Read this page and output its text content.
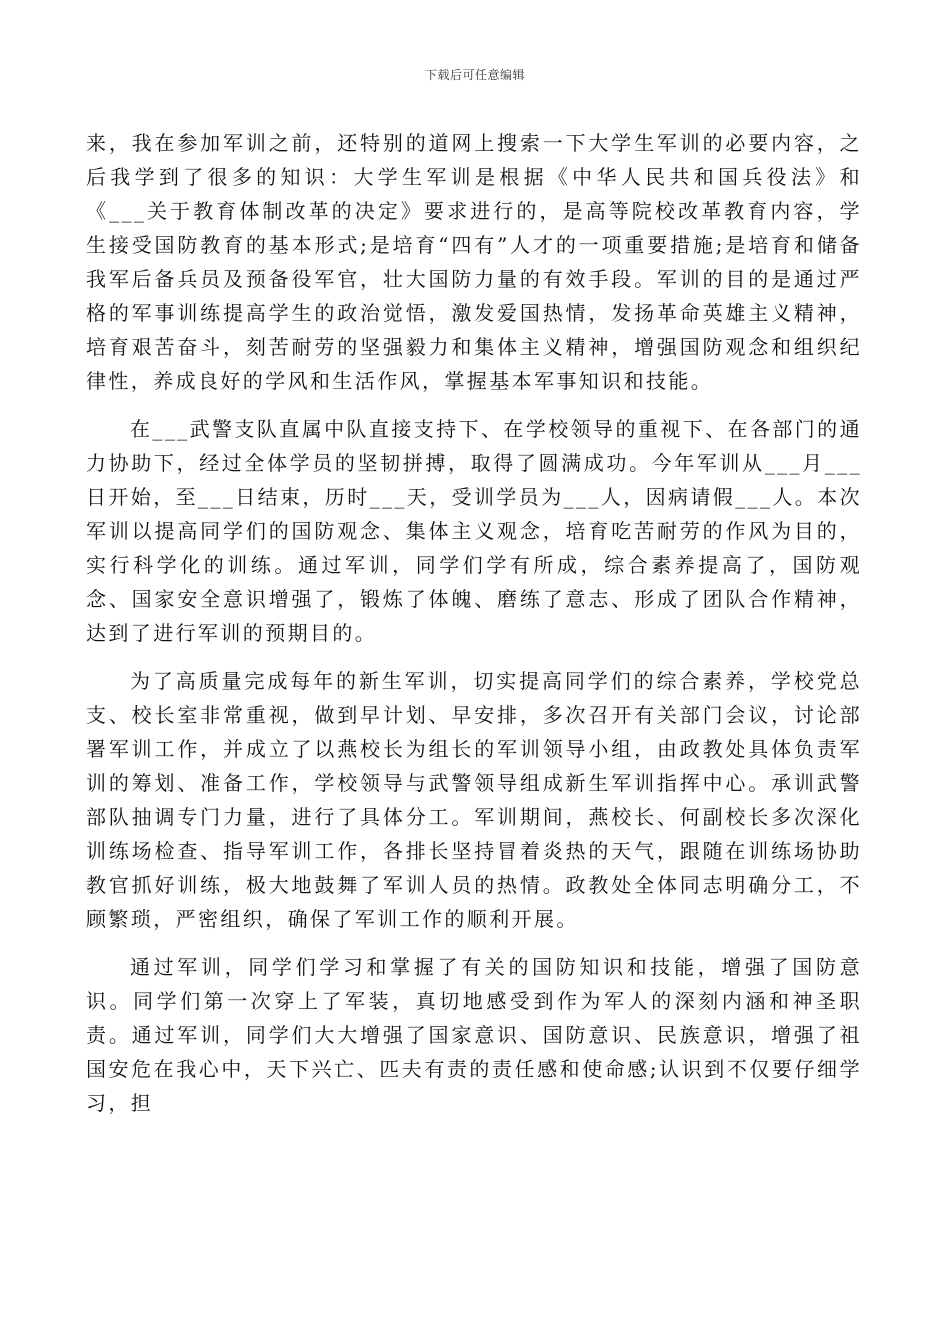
下载后可任意编辑

来，我在参加军训之前，还特别的道网上搜索一下大学生军训的必要内容，之后我学到了很多的知识：大学生军训是根据《中华人民共和国兵役法》和《___关于教育体制改革的决定》要求进行的，是高等院校改革教育内容，学生接受国防教育的基本形式;是培育“四有”人才的一项重要措施;是培育和储备我军后备兵员及预备役军官，壮大国防力量的有效手段。军训的目的是通过严格的军事训练提高学生的政治觉悟，激发爱国热情，发扬革命英雄主义精神，培育艰苦奋斗，刻苦耐劳的坚强毅力和集体主义精神，增强国防观念和组织纪律性，养成良好的学风和生活作风，掌握基本军事知识和技能。

在___武警支队直属中队直接支持下、在学校领导的重视下、在各部门的通力协助下，经过全体学员的坚韧拼搏，取得了圆满成功。今年军训从___月___日开始，至___日结束，历时___天，受训学员为___人，因病请假___人。本次军训以提高同学们的国防观念、集体主义观念，培育吃苦耐劳的作风为目的，实行科学化的训练。通过军训，同学们学有所成，综合素养提高了，国防观念、国家安全意识增强了，锻炼了体魄、磨练了意志、形成了团队合作精神，达到了进行军训的预期目的。

为了高质量完成每年的新生军训，切实提高同学们的综合素养，学校党总支、校长室非常重视，做到早计划、早安排，多次召开有关部门会议，讨论部署军训工作，并成立了以燕校长为组长的军训领导小组，由政教处具体负责军训的筹划、准备工作，学校领导与武警领导组成新生军训指挥中心。承训武警部队抽调专门力量，进行了具体分工。军训期间，燕校长、何副校长多次深化训练场检查、指导军训工作，各排长坚持冒着炎热的天气，跟随在训练场协助教官抓好训练，极大地鼓舞了军训人员的热情。政教处全体同志明确分工，不顾繁琐，严密组织，确保了军训工作的顺利开展。

通过军训，同学们学习和掌握了有关的国防知识和技能，增强了国防意识。同学们第一次穿上了军装，真切地感受到作为军人的深刻内涵和神圣职责。通过军训，同学们大大增强了国家意识、国防意识、民族意识，增强了祖国安危在我心中，天下兴亡、匹夫有责的责任感和使命感;认识到不仅要仔细学习，担
